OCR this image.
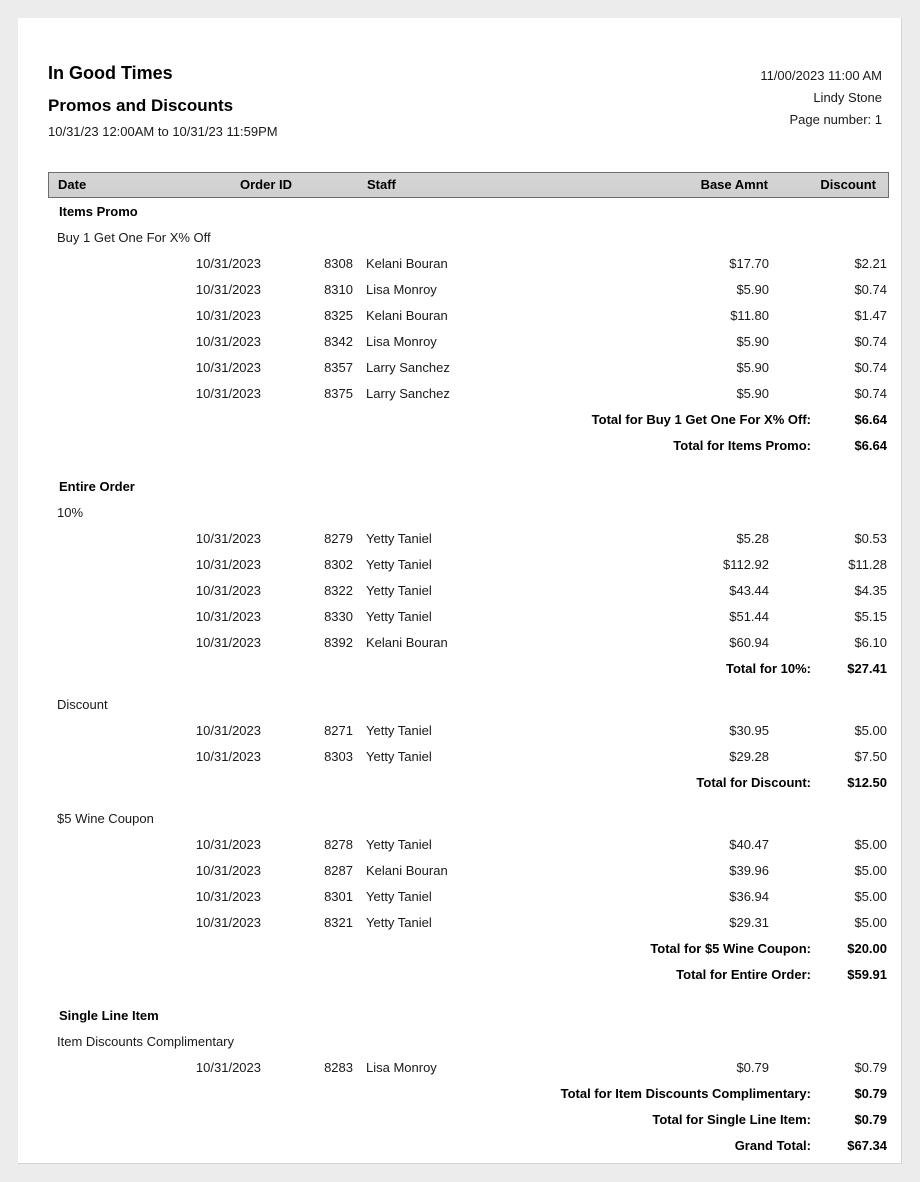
In Good Times
Promos and Discounts
10/31/23 12:00AM to 10/31/23 11:59PM
11/00/2023 11:00 AM
Lindy Stone
Page number: 1
Date	Order ID	Staff	Base Amnt	Discount
Items Promo
Buy 1 Get One For X% Off
10/31/2023	8308 Kelani Bouran	$17.70	$2.21
10/31/2023	8310 Lisa Monroy	$5.90	$0.74
10/31/2023	8325 Kelani Bouran	$11.80	$1.47
10/31/2023	8342 Lisa Monroy	$5.90	$0.74
10/31/2023	8357 Larry Sanchez	$5.90	$0.74
10/31/2023	8375 Larry Sanchez	$5.90	$0.74
Total for Buy 1 Get One For X% Off:	$6.64
Total for Items Promo:	$6.64
Entire Order
10%
10/31/2023	8279 Yetty Taniel	$5.28	$0.53
10/31/2023	8302 Yetty Taniel	$112.92	$11.28
10/31/2023	8322 Yetty Taniel	$43.44	$4.35
10/31/2023	8330 Yetty Taniel	$51.44	$5.15
10/31/2023	8392 Kelani Bouran	$60.94	$6.10
Total for 10%:	$27.41
Discount
10/31/2023	8271 Yetty Taniel	$30.95	$5.00
10/31/2023	8303 Yetty Taniel	$29.28	$7.50
Total for Discount:	$12.50
$5 Wine Coupon
10/31/2023	8278 Yetty Taniel	$40.47	$5.00
10/31/2023	8287 Kelani Bouran	$39.96	$5.00
10/31/2023	8301 Yetty Taniel	$36.94	$5.00
10/31/2023	8321 Yetty Taniel	$29.31	$5.00
Total for $5 Wine Coupon:	$20.00
Total for Entire Order:	$59.91
Single Line Item
Item Discounts Complimentary
10/31/2023	8283 Lisa Monroy	$0.79	$0.79
Total for Item Discounts Complimentary:	$0.79
Total for Single Line Item:	$0.79
Grand Total:	$67.34
